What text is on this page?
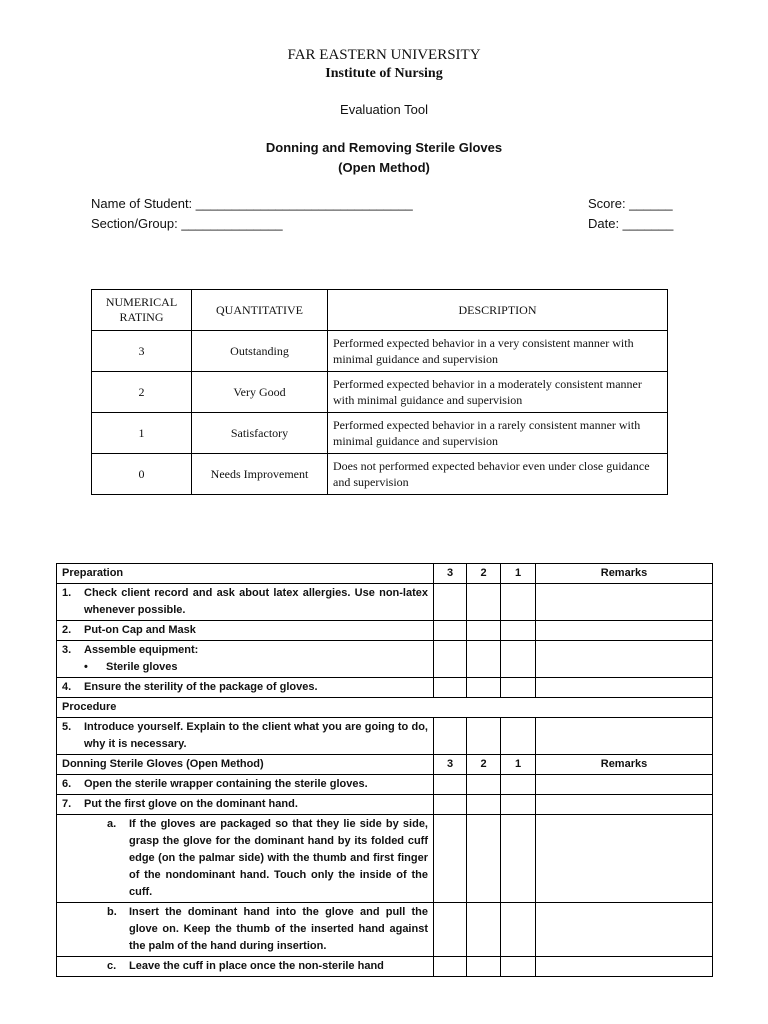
FAR EASTERN UNIVERSITY
Institute of Nursing
Evaluation Tool
Donning and Removing Sterile Gloves
(Open Method)
Name of Student: ______________________________
Section/Group: ______________
Score: ______
Date: _______
NUMERICAL RATING	QUANTITATIVE	DESCRIPTION
3	Outstanding	Performed expected behavior in a very consistent manner with minimal guidance and supervision
2	Very Good	Performed expected behavior in a moderately consistent manner with minimal guidance and supervision
1	Satisfactory	Performed expected behavior in a rarely consistent manner with minimal guidance and supervision
0	Needs Improvement	Does not performed expected behavior even under close guidance and supervision
Preparation	3	2	1	Remarks

1. Check client record and ask about latex allergies. Use non-latex whenever possible.				

2. Put-on Cap and Mask				

3. Assemble equipment:
• Sterile gloves				

4. Ensure the sterility of the package of gloves.				

Procedure				

5. Introduce yourself. Explain to the client what you are going to do, why it is necessary.				

Donning Sterile Gloves (Open Method)	3	2	1	Remarks

6. Open the sterile wrapper containing the sterile gloves.				

7. Put the first glove on the dominant hand.				

a. If the gloves are packaged so that they lie side by side, grasp the glove for the dominant hand by its folded cuff edge (on the palmar side) with the thumb and first finger of the nondominant hand. Touch only the inside of the cuff.				

b. Insert the dominant hand into the glove and pull the glove on. Keep the thumb of the inserted hand against the palm of the hand during insertion.				

c. Leave the cuff in place once the non-sterile hand				
